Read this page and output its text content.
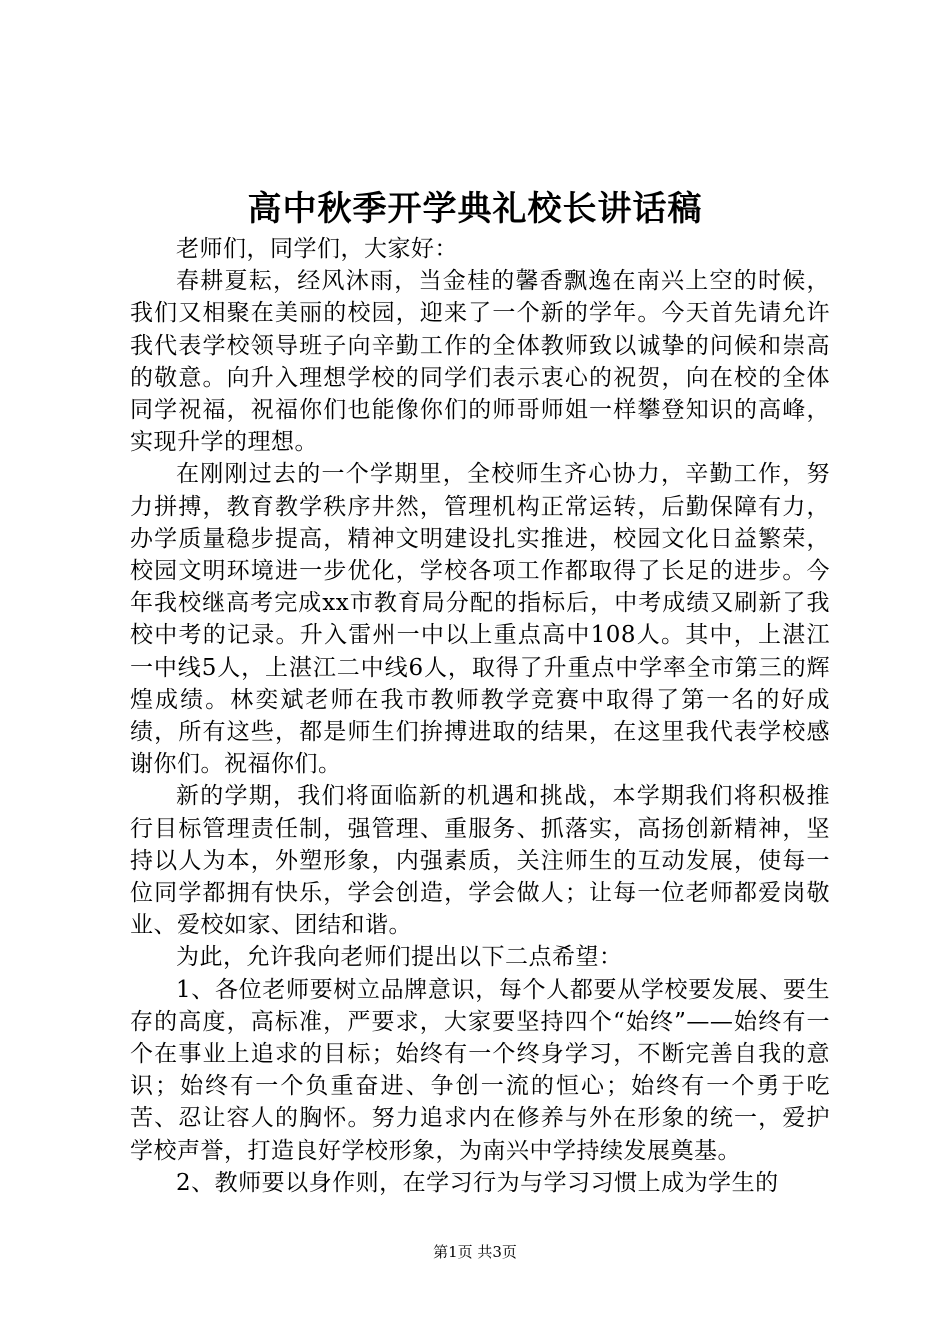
高中秋季开学典礼校长讲话稿

老师们，同学们，大家好：

春耕夏耘，经风沐雨，当金桂的馨香飘逸在南兴上空的时候，我们又相聚在美丽的校园，迎来了一个新的学年。今天首先请允许我代表学校领导班子向辛勤工作的全体教师致以诚挚的问候和崇高的敬意。向升入理想学校的同学们表示衷心的祝贺，向在校的全体同学祝福，祝福你们也能像你们的师哥师姐一样攀登知识的高峰，实现升学的理想。

在刚刚过去的一个学期里，全校师生齐心协力，辛勤工作，努力拼搏，教育教学秩序井然，管理机构正常运转，后勤保障有力，办学质量稳步提高，精神文明建设扎实推进，校园文化日益繁荣，校园文明环境进一步优化，学校各项工作都取得了长足的进步。今年我校继高考完成xx市教育局分配的指标后，中考成绩又刷新了我校中考的记录。升入雷州一中以上重点高中108人。其中，上湛江一中线5人，上湛江二中线6人，取得了升重点中学率全市第三的辉煌成绩。林奕斌老师在我市教师教学竞赛中取得了第一名的好成绩，所有这些，都是师生们拚搏进取的结果，在这里我代表学校感谢你们。祝福你们。

新的学期，我们将面临新的机遇和挑战，本学期我们将积极推行目标管理责任制，强管理、重服务、抓落实，高扬创新精神，坚持以人为本，外塑形象，内强素质，关注师生的互动发展，使每一位同学都拥有快乐，学会创造，学会做人；让每一位老师都爱岗敬业、爱校如家、团结和谐。

为此，允许我向老师们提出以下二点希望：

1、各位老师要树立品牌意识，每个人都要从学校要发展、要生存的高度，高标准，严要求，大家要坚持四个“始终”——始终有一个在事业上追求的目标；始终有一个终身学习，不断完善自我的意识；始终有一个负重奋进、争创一流的恒心；始终有一个勇于吃苦、忍让容人的胸怀。努力追求内在修养与外在形象的统一，爱护学校声誉，打造良好学校形象，为南兴中学持续发展奠基。

2、教师要以身作则，在学习行为与学习习惯上成为学生的

第1页 共3页
